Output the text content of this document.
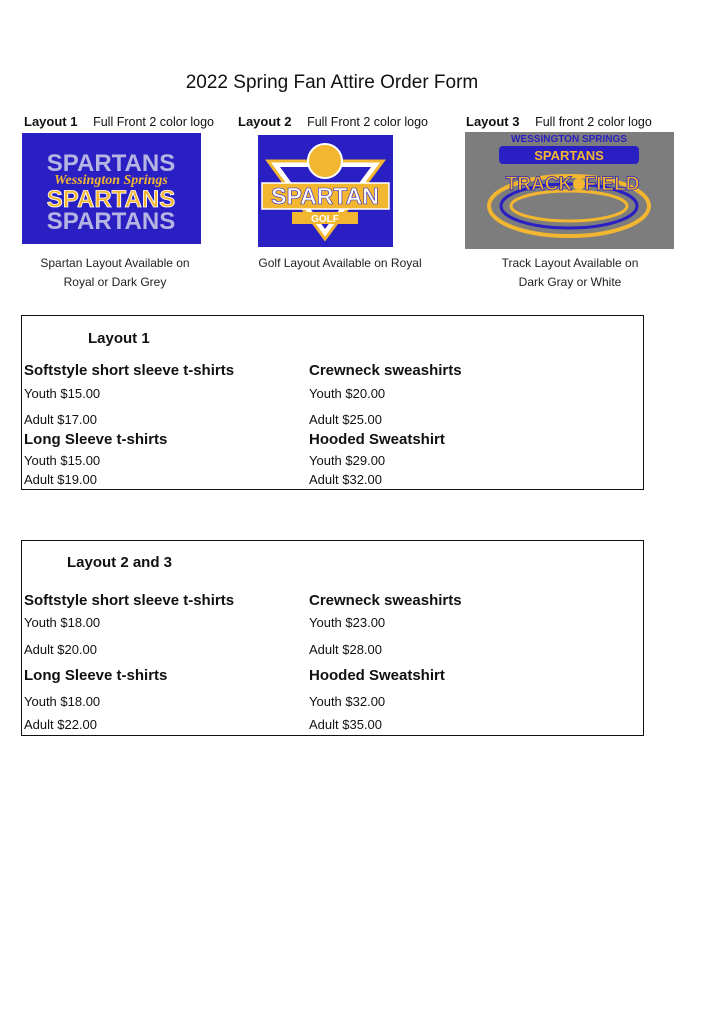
2022 Spring Fan Attire Order Form
Layout 1 Full Front 2 color logo Layout 2 Full Front 2 color logo	Layout 3 Full front 2 color logo
SPARTANS
Wessington Springs
SPARTANS
SPARTANS
SPARTAN
GOLF
WESSINGTON SPRINGS
SPARTANS
TRACK FIELD
Spartan Layout Available on
Royal or Dark Grey
Golf Layout Available on Royal	Track Layout Available on
Dark Gray or White
Layout 1
Softstyle short sleeve t-shirts
Youth $15.00
Adult $17.00
Crewneck sweashirts
Youth $20.00
Adult $25.00
Long Sleeve t-shirts
Youth $15.00
Adult $19.00
Hooded Sweatshirt
Youth $29.00
Adult $32.00
Layout 2 and 3
Softstyle short sleeve t-shirts
Youth $18.00
Adult $20.00
Crewneck sweashirts
Youth $23.00
Adult $28.00
Long Sleeve t-shirts
Youth $18.00
Adult $22.00
Hooded Sweatshirt
Youth $32.00
Adult $35.00
